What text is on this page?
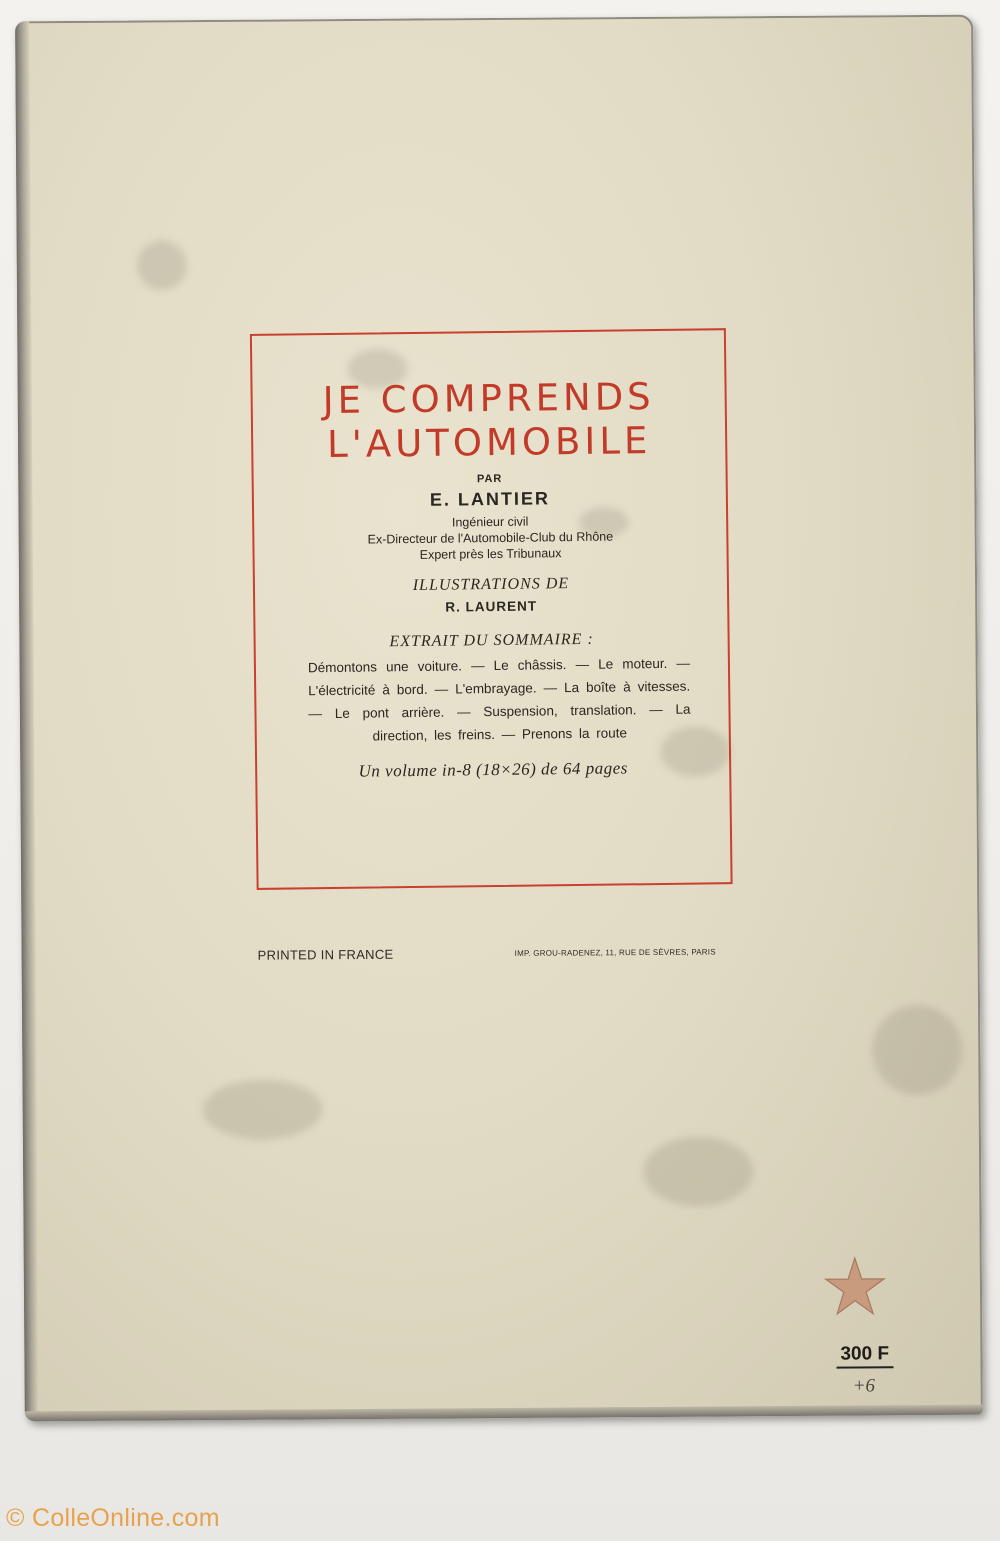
JE COMPRENDS

L'AUTOMOBILE

PAR
E. LANTIER
Ingénieur civil
Ex-Directeur de l'Automobile-Club du Rhône
Expert près les Tribunaux
ILLUSTRATIONS DE
R. LAURENT
EXTRAIT DU SOMMAIRE :
Démontons une voiture. — Le châssis. — Le moteur. — L'électricité à bord. — L'embrayage. — La boîte à vitesses. — Le pont arrière. — Suspension, translation. — La direction, les freins. — Prenons la route
Un volume in-8 (18×26) de 64 pages
PRINTED IN FRANCE	IMP. GROU-RADENEZ, 11, RUE DE SÈVRES, PARIS
300 F
+6
© ColleOnline.com
